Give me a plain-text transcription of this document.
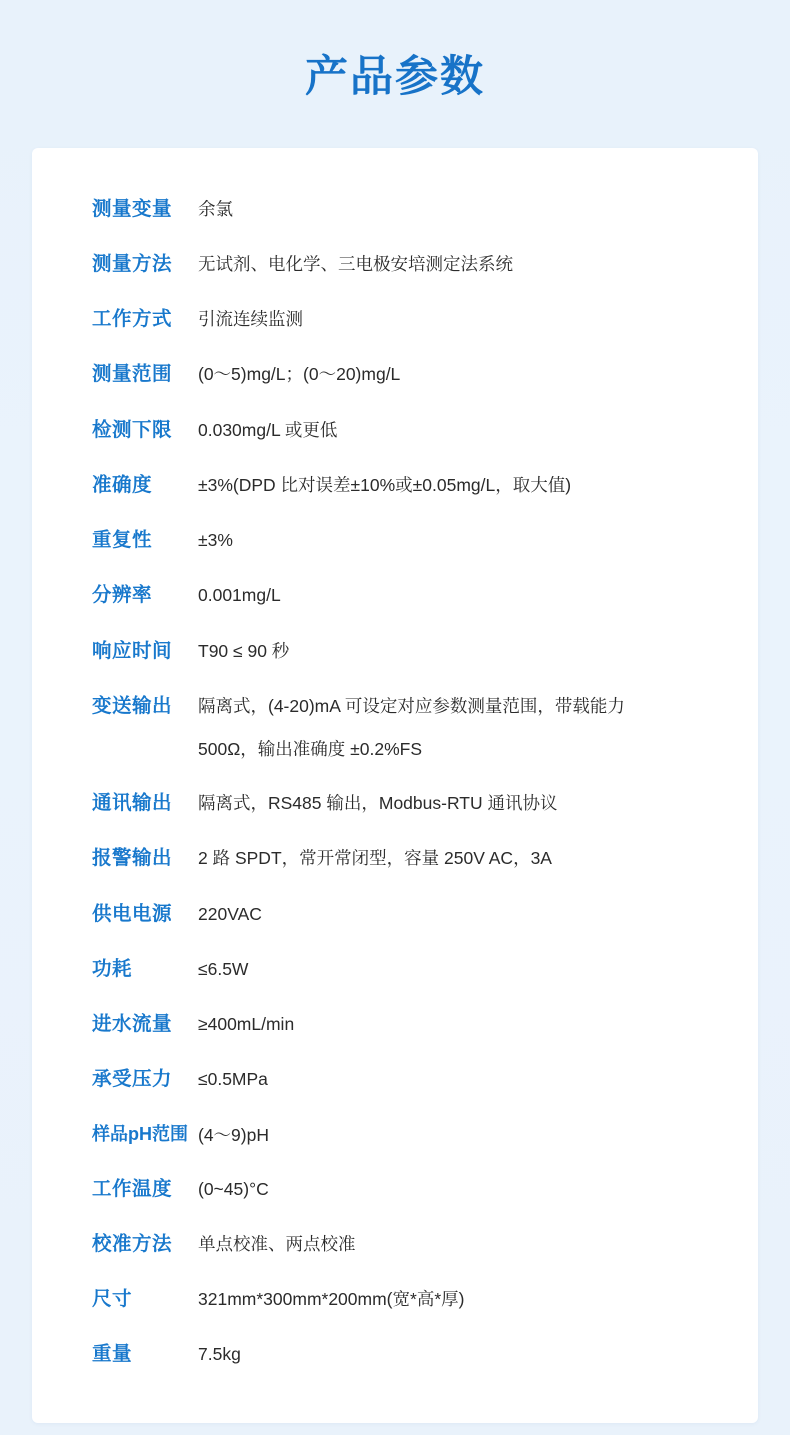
产品参数
测量变量	余氯
测量方法	无试剂、电化学、三电极安培测定法系统
工作方式	引流连续监测
测量范围	(0～5)mg/L；(0～20)mg/L
检测下限	0.030mg/L 或更低
准确度	±3%(DPD 比对误差±10%或±0.05mg/L，取大值)
重复性	±3%
分辨率	0.001mg/L
响应时间	T90 ≤ 90 秒
变送输出	隔离式，(4-20)mA 可设定对应参数测量范围，带载能力
500Ω，输出准确度 ±0.2%FS
通讯输出	隔离式，RS485 输出，Modbus-RTU 通讯协议
报警输出	2 路 SPDT，常开常闭型，容量 250V AC，3A
供电电源	220VAC
功耗	≤6.5W
进水流量	≥400mL/min
承受压力	≤0.5MPa
样品pH范围 (4～9)pH
工作温度	(0~45)°C
校准方法	单点校准、两点校准
尺寸	321mm*300mm*200mm(宽*高*厚)
重量	7.5kg
